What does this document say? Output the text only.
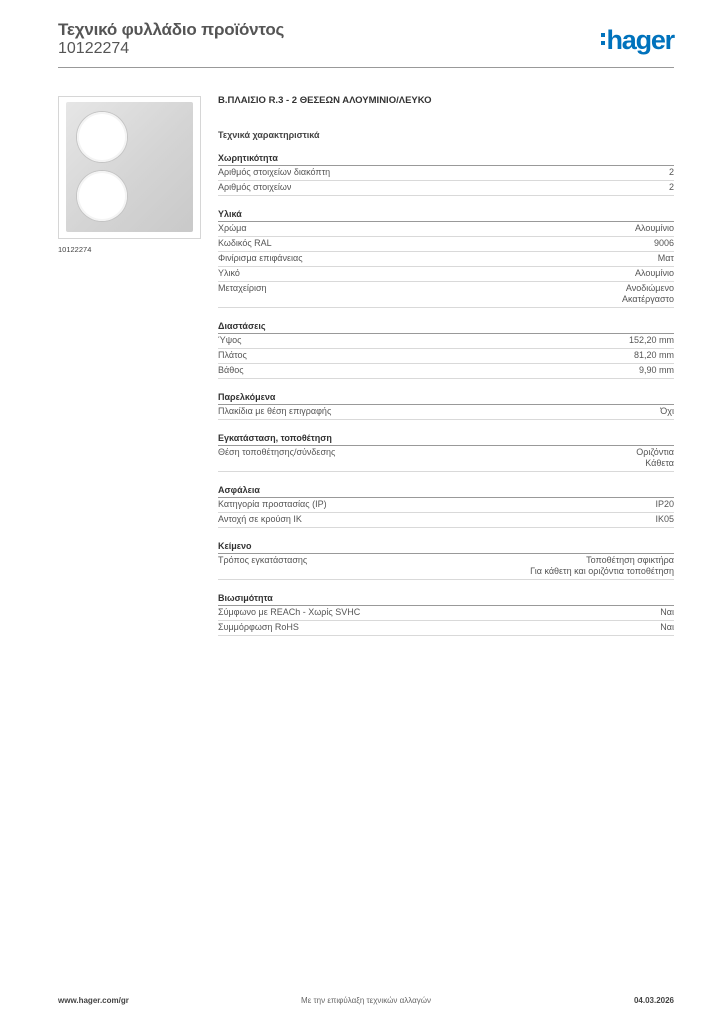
Τεχνικό φυλλάδιο προϊόντος
10122274	hager
10122274
Β.ΠΛΑΙΣΙΟ R.3 - 2 ΘΕΣΕΩΝ ΑΛΟΥΜΙΝΙΟ/ΛΕΥΚΟ
Τεχνικά χαρακτηριστικά
Χωρητικότητα
Αριθμός στοιχείων διακόπτη	2
Αριθμός στοιχείων	2
Υλικά
Χρώμα	Αλουμίνιο
Κωδικός RAL	9006
Φινίρισμα επιφάνειας	Ματ
Υλικό	Αλουμίνιο
Μεταχείριση	Ανοδιώμενο
Ακατέργαστο
Διαστάσεις
Ύψος	152,20 mm
Πλάτος	81,20 mm
Βάθος	9,90 mm
Παρελκόμενα
Πλακίδια με θέση επιγραφής	Όχι
Εγκατάσταση, τοποθέτηση
Θέση τοποθέτησης/σύνδεσης	Οριζόντια
Κάθετα
Ασφάλεια
Κατηγορία προστασίας (IP)	IP20
Αντοχή σε κρούση IK	IK05
Κείμενο
Τρόπος εγκατάστασης	Τοποθέτηση σφικτήρα
Για κάθετη και οριζόντια τοποθέτηση
Βιωσιμότητα
Σύμφωνο με REACh - Χωρίς SVHC	Ναι
Συμμόρφωση RoHS	Ναι
www.hager.com/gr	Με την επιφύλαξη τεχνικών αλλαγών	04.03.2026
